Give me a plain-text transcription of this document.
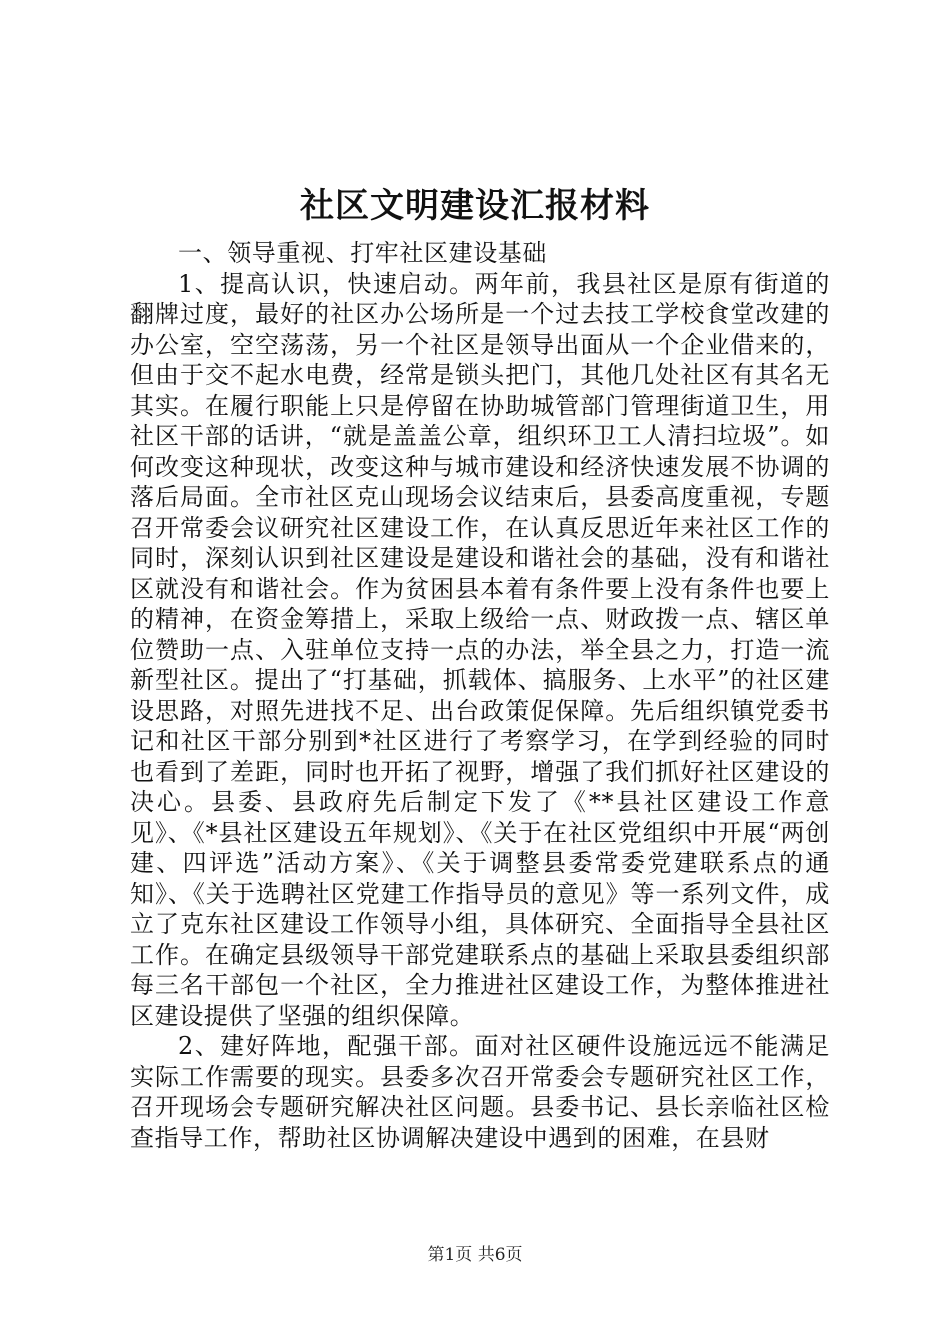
社区文明建设汇报材料

一、领导重视、打牢社区建设基础

1、提高认识，快速启动。两年前，我县社区是原有街道的翻牌过度，最好的社区办公场所是一个过去技工学校食堂改建的办公室，空空荡荡，另一个社区是领导出面从一个企业借来的，但由于交不起水电费，经常是锁头把门，其他几处社区有其名无其实。在履行职能上只是停留在协助城管部门管理街道卫生，用社区干部的话讲，“就是盖盖公章，组织环卫工人清扫垃圾”。如何改变这种现状，改变这种与城市建设和经济快速发展不协调的落后局面。全市社区克山现场会议结束后，县委高度重视，专题召开常委会议研究社区建设工作，在认真反思近年来社区工作的同时，深刻认识到社区建设是建设和谐社会的基础，没有和谐社区就没有和谐社会。作为贫困县本着有条件要上没有条件也要上的精神，在资金筹措上，采取上级给一点、财政拨一点、辖区单位赞助一点、入驻单位支持一点的办法，举全县之力，打造一流新型社区。提出了“打基础，抓载体、搞服务、上水平”的社区建设思路，对照先进找不足、出台政策促保障。先后组织镇党委书记和社区干部分别到*社区进行了考察学习，在学到经验的同时也看到了差距，同时也开拓了视野，增强了我们抓好社区建设的决心。县委、县政府先后制定下发了《**县社区建设工作意见》、《*县社区建设五年规划》、《关于在社区党组织中开展“两创建、四评选”活动方案》、《关于调整县委常委党建联系点的通知》、《关于选聘社区党建工作指导员的意见》等一系列文件，成立了克东社区建设工作领导小组，具体研究、全面指导全县社区工作。在确定县级领导干部党建联系点的基础上采取县委组织部每三名干部包一个社区，全力推进社区建设工作，为整体推进社区建设提供了坚强的组织保障。

2、建好阵地，配强干部。面对社区硬件设施远远不能满足实际工作需要的现实。县委多次召开常委会专题研究社区工作，召开现场会专题研究解决社区问题。县委书记、县长亲临社区检查指导工作，帮助社区协调解决建设中遇到的困难，在县财

第1页 共6页
